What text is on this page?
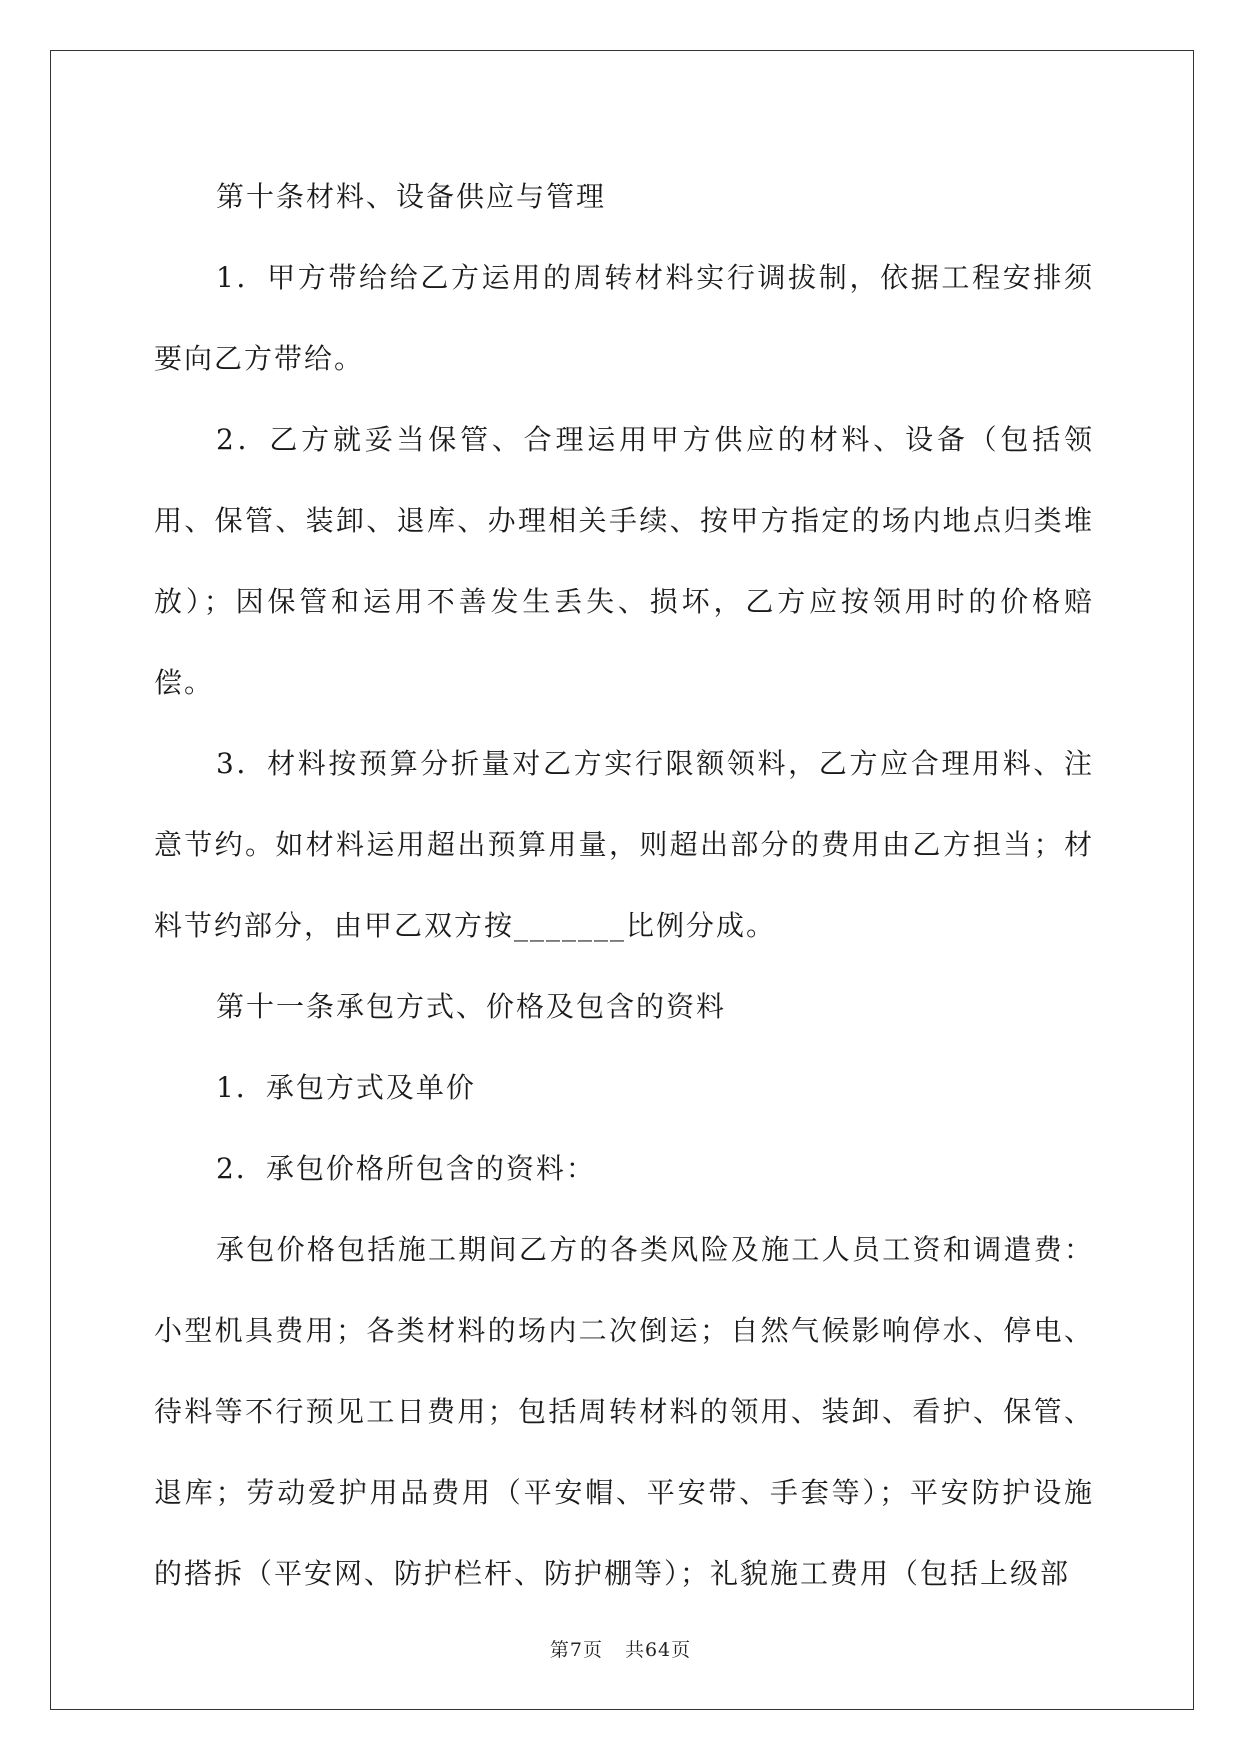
第十条材料、设备供应与管理

1．甲方带给给乙方运用的周转材料实行调拔制，依据工程安排须要向乙方带给。

2．乙方就妥当保管、合理运用甲方供应的材料、设备（包括领用、保管、装卸、退库、办理相关手续、按甲方指定的场内地点归类堆放）；因保管和运用不善发生丢失、损坏，乙方应按领用时的价格赔偿。

3．材料按预算分折量对乙方实行限额领料，乙方应合理用料、注意节约。如材料运用超出预算用量，则超出部分的费用由乙方担当；材料节约部分，由甲乙双方按_______比例分成。

第十一条承包方式、价格及包含的资料

1．承包方式及单价

2．承包价格所包含的资料：

承包价格包括施工期间乙方的各类风险及施工人员工资和调遣费：小型机具费用；各类材料的场内二次倒运；自然气候影响停水、停电、待料等不行预见工日费用；包括周转材料的领用、装卸、看护、保管、退库；劳动爱护用品费用（平安帽、平安带、手套等）；平安防护设施的搭拆（平安网、防护栏杆、防护棚等）；礼貌施工费用（包括上级部

第7页 共64页
